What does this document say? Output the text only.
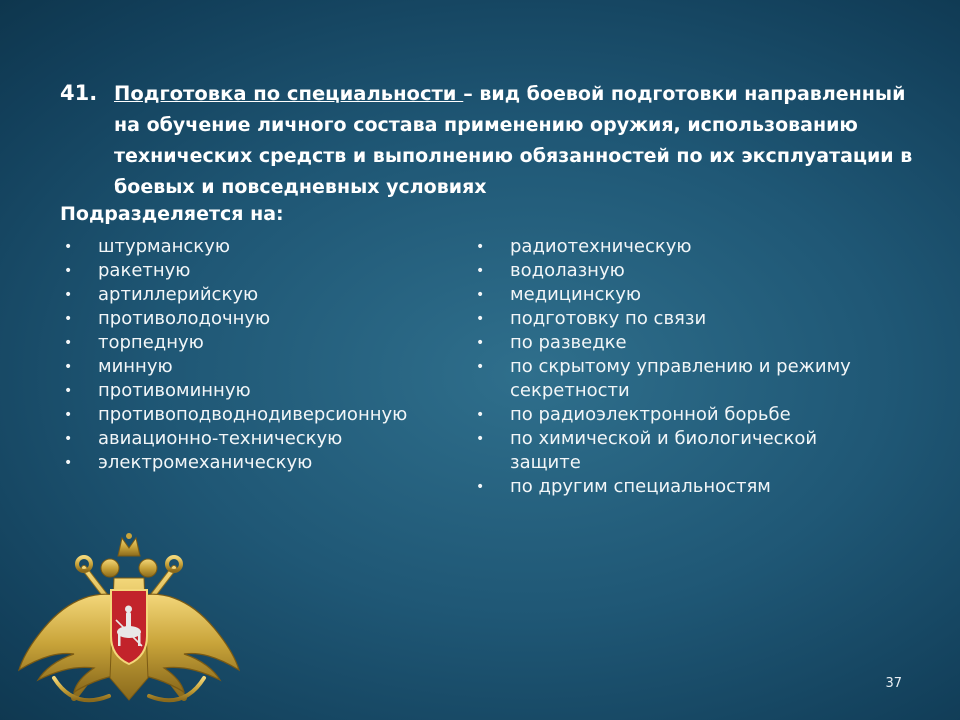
41. Подготовка по специальности – вид боевой подготовки направленный на обучение личного состава применению оружия, использованию технических средств и выполнению обязанностей по их эксплуатации в боевых и повседневных условиях
Подразделяется на:
• штурманскую
• ракетную
• артиллерийскую
• противолодочную
• торпедную
• минную
• противоминную
• противоподводнодиверсионную
• авиационно-техническую
• электромеханическую
• радиотехническую
• водолазную
• медицинскую
• подготовку по связи
• по разведке
• по скрытому управлению и режиму секретности
• по радиоэлектронной борьбе
• по химической и биологической защите
• по другим специальностям
37
